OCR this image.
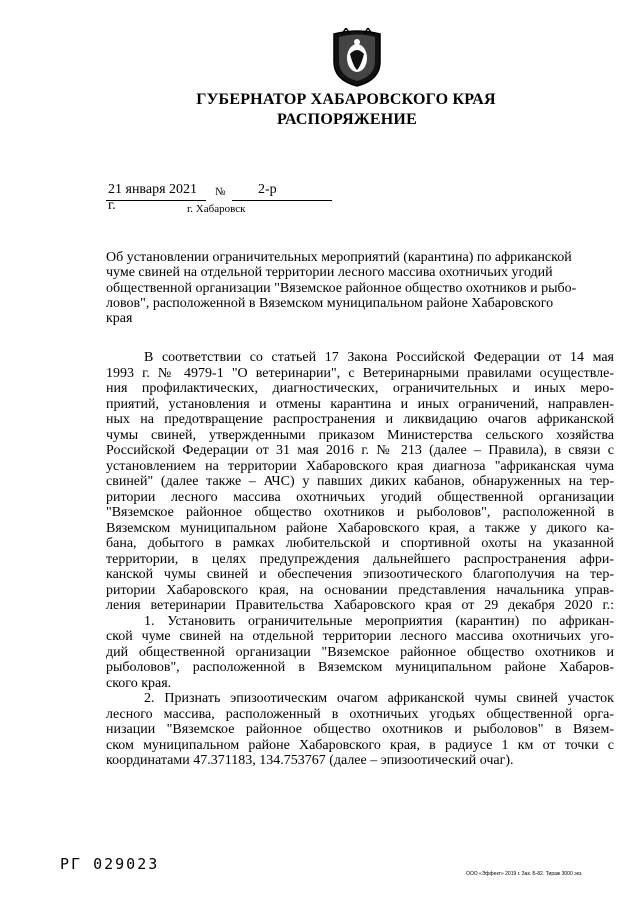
ГУБЕРНАТОР ХАБАРОВСКОГО КРАЯ
РАСПОРЯЖЕНИЕ
21 января 2021 г.
№ 2-р
г. Хабаровск
Об установлении ограничительных мероприятий (карантина) по африканской
чуме свиней на отдельной территории лесного массива охотничьих угодий
общественной организации "Вяземское районное общество охотников и рыбо-
ловов", расположенной в Вяземском муниципальном районе Хабаровского
края

В соответствии со статьей 17 Закона Российской Федерации от 14 мая
1993 г. № 4979-1 "О ветеринарии", с Ветеринарными правилами осуществле-
ния профилактических, диагностических, ограничительных и иных меро-
приятий, установления и отмены карантина и иных ограничений, направлен-
ных на предотвращение распространения и ликвидацию очагов африканской
чумы свиней, утвержденными приказом Министерства сельского хозяйства
Российской Федерации от 31 мая 2016 г. № 213 (далее – Правила), в связи с
установлением на территории Хабаровского края диагноза "африканская чума
свиней" (далее также – АЧС) у павших диких кабанов, обнаруженных на тер-
ритории лесного массива охотничьих угодий общественной организации
"Вяземское районное общество охотников и рыболовов", расположенной в
Вяземском муниципальном районе Хабаровского края, а также у дикого ка-
бана, добытого в рамках любительской и спортивной охоты на указанной
территории, в целях предупреждения дальнейшего распространения афри-
канской чумы свиней и обеспечения эпизоотического благополучия на тер-
ритории Хабаровского края, на основании представления начальника управ-
ления ветеринарии Правительства Хабаровского края от 29 декабря 2020 г.:

1. Установить ограничительные мероприятия (карантин) по африкан-
ской чуме свиней на отдельной территории лесного массива охотничьих уго-
дий общественной организации "Вяземское районное общество охотников и
рыболовов", расположенной в Вяземском муниципальном районе Хабаров-
ского края.

2. Признать эпизоотическим очагом африканской чумы свиней участок
лесного массива, расположенный в охотничьих угодьях общественной орга-
низации "Вяземское районное общество охотников и рыболовов" в Вязем-
ском муниципальном районе Хабаровского края, в радиусе 1 км от точки с
координатами 47.371183, 134.753767 (далее – эпизоотический очаг).

РГ 029023
ООО «Эффект» 2019 г. Зак. Б-82. Тираж 3000 экз.
